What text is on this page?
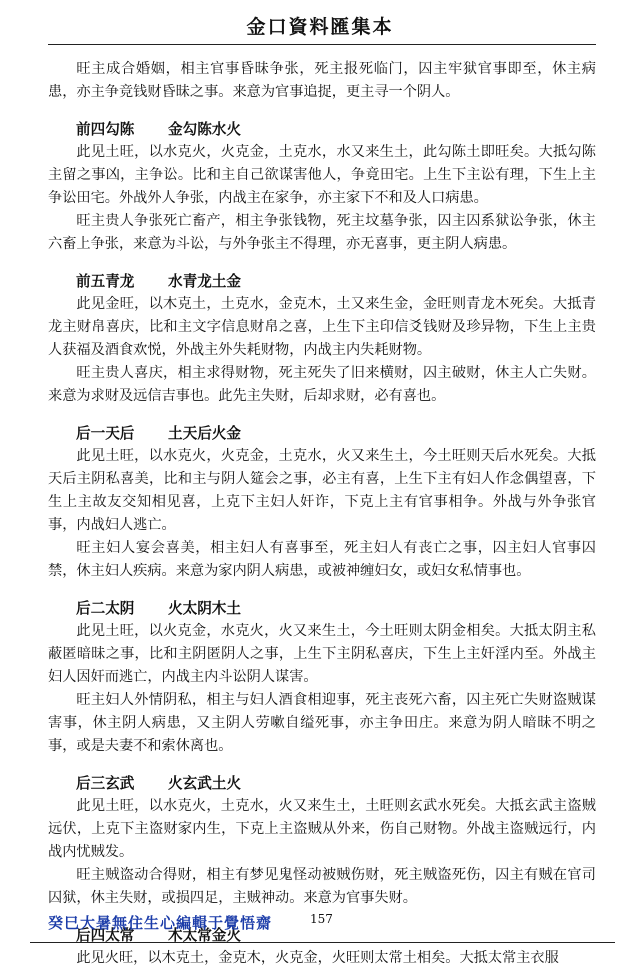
金口資料匯集本

旺主成合婚姻，相主官事昏昧争张，死主报死临门，囚主牢狱官事即至，休主病患，亦主争竞钱财昏昧之事。来意为官事追捉，更主寻一个阴人。

前四勾陈 金勾陈水火

此见土旺，以水克火，火克金，土克水，水又来生土，此勾陈土即旺矣。大抵勾陈主留之事凶，主争讼。比和主自己欲谋害他人，争竟田宅。上生下主讼有理，下生上主争讼田宅。外战外人争张，内战主在家争，亦主家下不和及人口病患。

旺主贵人争张死亡畜产，相主争张钱物，死主坟墓争张，囚主囚系狱讼争张，休主六畜上争张，来意为斗讼，与外争张主不得理，亦无喜事，更主阴人病患。

前五青龙 水青龙土金

此见金旺，以木克土，土克水，金克木，土又来生金，金旺则青龙木死矣。大抵青龙主财帛喜庆，比和主文字信息财帛之喜，上生下主印信爻钱财及珍异物，下生上主贵人获福及酒食欢悦，外战主外失耗财物，内战主内失耗财物。

旺主贵人喜庆，相主求得财物，死主死失了旧来横财，囚主破财，休主人亡失财。来意为求财及远信吉事也。此先主失财，后却求财，必有喜也。

后一天后 土天后火金

此见土旺，以水克火，火克金，土克水，火又来生土，今土旺则天后水死矣。大抵天后主阴私喜美，比和主与阴人筵会之事，必主有喜，上生下主有妇人作念偶望喜，下生上主故友交知相见喜，上克下主妇人奸诈，下克上主有官事相争。外战与外争张官事，内战妇人逃亡。

旺主妇人宴会喜美，相主妇人有喜事至，死主妇人有丧亡之事，囚主妇人官事囚禁，休主妇人疾病。来意为家内阴人病患，或被神缠妇女，或妇女私情事也。

后二太阴 火太阴木土

此见土旺，以火克金，水克火，火又来生土，今土旺则太阴金相矣。大抵太阴主私蔽匿暗昧之事，比和主阴匿阴人之事，上生下主阴私喜庆，下生上主奸淫内至。外战主妇人因奸而逃亡，内战主内斗讼阴人谋害。

旺主妇人外情阴私，相主与妇人酒食相迎事，死主丧死六畜，囚主死亡失财盗贼谋害事，休主阴人病患，又主阴人劳嗽自缢死事，亦主争田庄。来意为阴人暗昧不明之事，或是夫妻不和索休离也。

后三玄武 火玄武土火

此见土旺，以水克火，土克水，火又来生土，土旺则玄武水死矣。大抵玄武主盗贼远伏，上克下主盗财家内生，下克上主盗贼从外来，伤自己财物。外战主盗贼远行，内战内忧贼发。

旺主贼盗动合得财，相主有梦见鬼怪动被贼伤财，死主贼盗死伤，囚主有贼在官司囚狱，休主失财，或损四足，主贼神动。来意为官事失财。

后四太常 木太常金火

此见火旺，以木克土，金克木，火克金，火旺则太常土相矣。大抵太常主衣服

癸巳大暑無住生心編輯于覺悟齋	157
